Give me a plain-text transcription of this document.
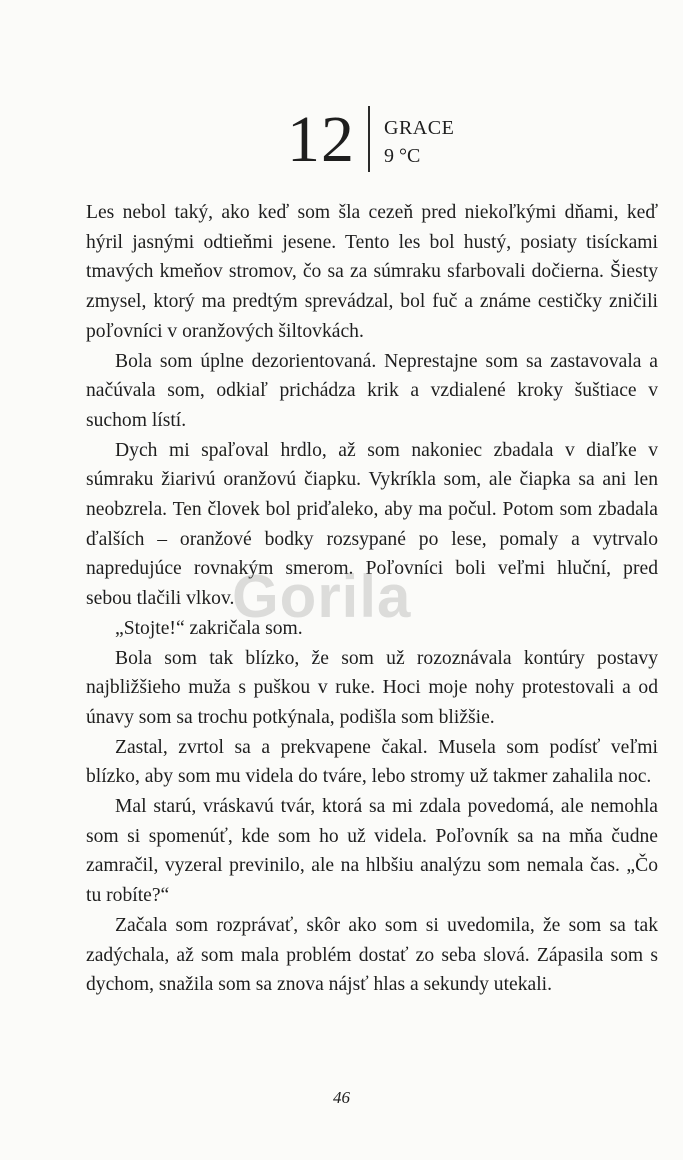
12 GRACE
9 °C

Les nebol taký, ako keď som šla cezeň pred niekoľkými dňami, keď hýril jasnými odtieňmi jesene. Tento les bol hustý, posiaty tisíckami tmavých kmeňov stromov, čo sa za súmraku sfarbovali dočierna. Šiesty zmysel, ktorý ma predtým sprevádzal, bol fuč a známe cestičky zničili poľovníci v oranžových šiltovkách.

Bola som úplne dezorientovaná. Neprestajne som sa zastavovala a načúvala som, odkiaľ prichádza krik a vzdialené kroky šuštiace v suchom lístí.

Dych mi spaľoval hrdlo, až som nakoniec zbadala v diaľke v súmraku žiarivú oranžovú čiapku. Vykríkla som, ale čiapka sa ani len neobzrela. Ten človek bol priďaleko, aby ma počul. Potom som zbadala ďalších – oranžové bodky rozsypané po lese, pomaly a vytrvalo napredujúce rovnakým smerom. Poľovníci boli veľmi hluční, pred sebou tlačili vlkov.

„Stojte!“ zakričala som.

Bola som tak blízko, že som už rozoznávala kontúry postavy najbližšieho muža s puškou v ruke. Hoci moje nohy protestovali a od únavy som sa trochu potkýnala, podišla som bližšie.

Zastal, zvrtol sa a prekvapene čakal. Musela som podísť veľmi blízko, aby som mu videla do tváre, lebo stromy už takmer zahalila noc.

Mal starú, vráskavú tvár, ktorá sa mi zdala povedomá, ale nemohla som si spomenúť, kde som ho už videla. Poľovník sa na mňa čudne zamračil, vyzeral previnilo, ale na hlbšiu analýzu som nemala čas. „Čo tu robíte?“

Začala som rozprávať, skôr ako som si uvedomila, že som sa tak zadýchala, až som mala problém dostať zo seba slová. Zápasila som s dychom, snažila som sa znova nájsť hlas a sekundy utekali.

Gorila
46
